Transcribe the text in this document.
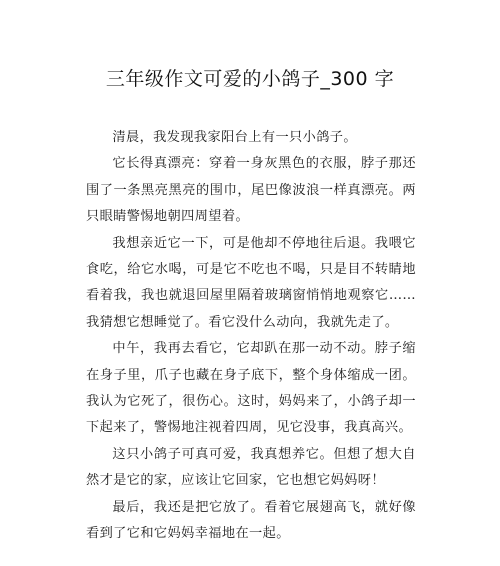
三年级作文可爱的小鸽子_300 字

清晨，我发现我家阳台上有一只小鸽子。

它长得真漂亮：穿着一身灰黑色的衣服，脖子那还围了一条黑亮黑亮的围巾，尾巴像波浪一样真漂亮。两只眼睛警惕地朝四周望着。

我想亲近它一下，可是他却不停地往后退。我喂它食吃，给它水喝，可是它不吃也不喝，只是目不转睛地看着我，我也就退回屋里隔着玻璃窗悄悄地观察它……我猜想它想睡觉了。看它没什么动向，我就先走了。

中午，我再去看它，它却趴在那一动不动。脖子缩在身子里，爪子也藏在身子底下，整个身体缩成一团。我认为它死了，很伤心。这时，妈妈来了，小鸽子却一下起来了，警惕地注视着四周，见它没事，我真高兴。

这只小鸽子可真可爱，我真想养它。但想了想大自然才是它的家，应该让它回家，它也想它妈妈呀！

最后，我还是把它放了。看着它展翅高飞，就好像看到了它和它妈妈幸福地在一起。
